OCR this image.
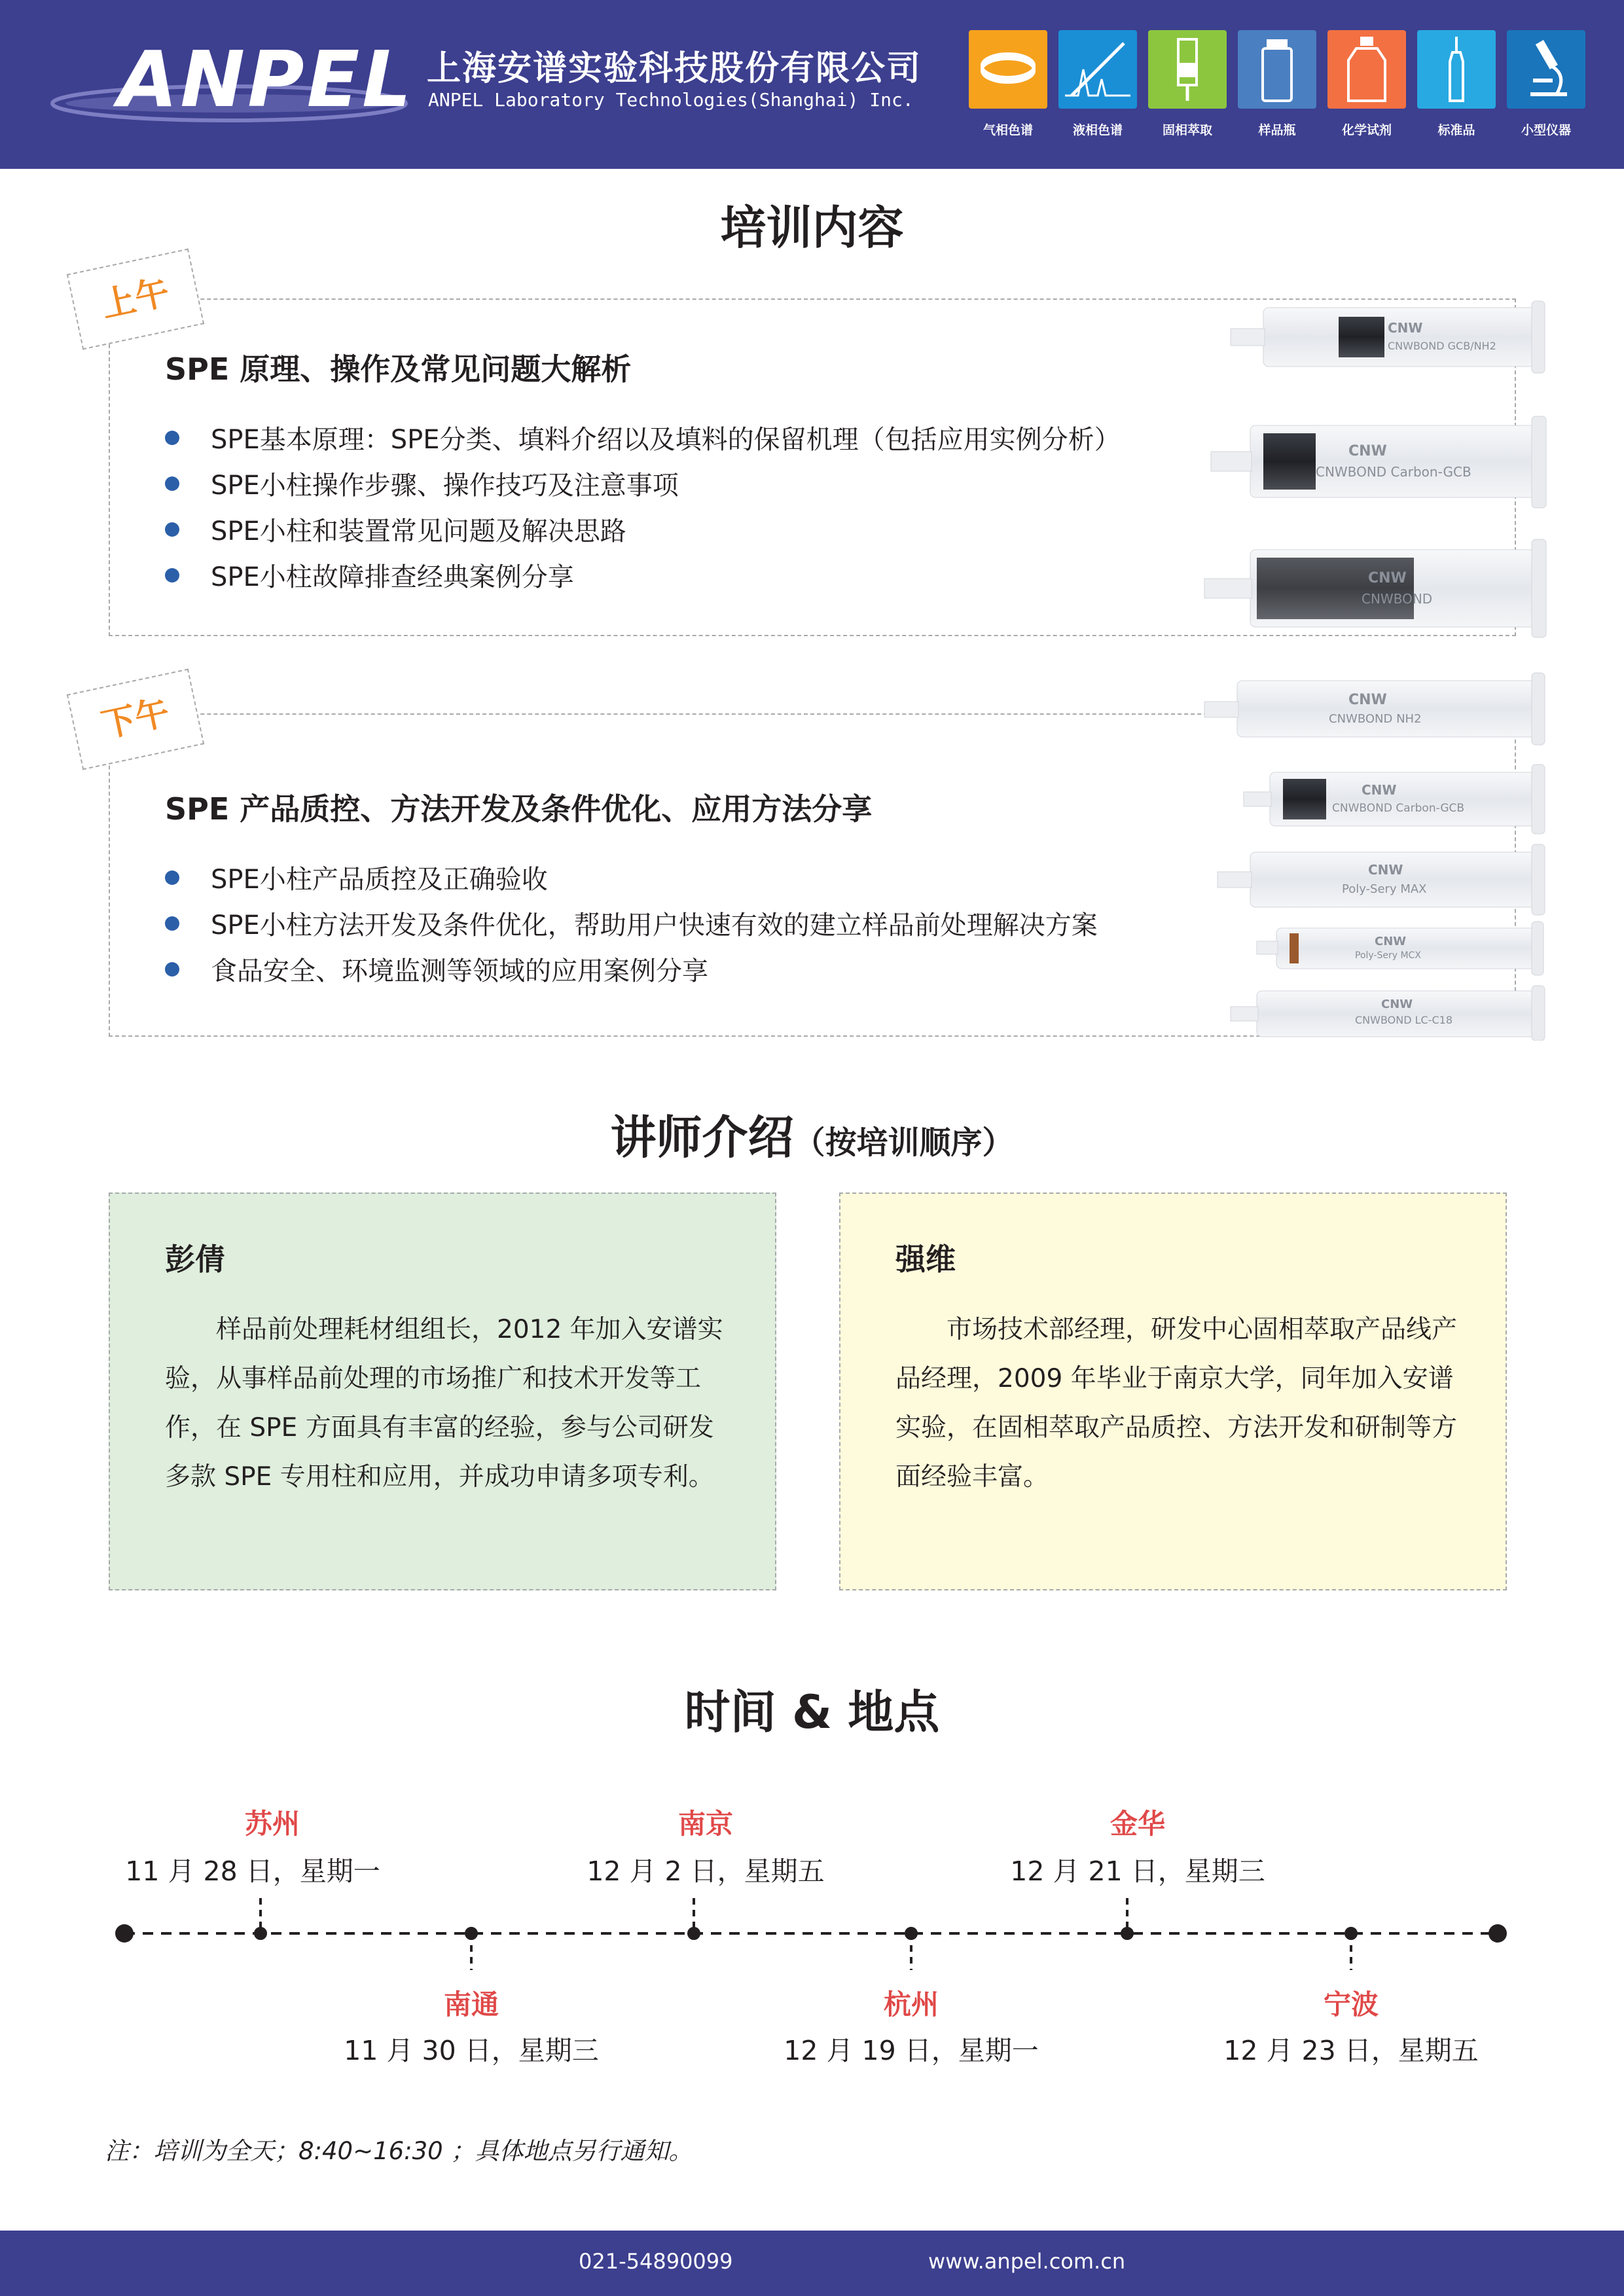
ANPEL 上海安谱实验科技股份有限公司
ANPEL Laboratory Technologies(Shanghai) Inc.
气相色谱	液相色谱	固相萃取	样品瓶	化学试剂	标准品	小型仪器
培训内容
上午
SPE 原理、操作及常见问题大解析
SPE基本原理：SPE分类、填料介绍以及填料的保留机理（包括应用实例分析）
SPE小柱操作步骤、操作技巧及注意事项
SPE小柱和装置常见问题及解决思路
SPE小柱故障排查经典案例分享
下午
SPE 产品质控、方法开发及条件优化、应用方法分享
SPE小柱产品质控及正确验收
SPE小柱方法开发及条件优化，帮助用户快速有效的建立样品前处理解决方案
食品安全、环境监测等领域的应用案例分享
CNW
CNWBOND GCB/NH2
CNW
CNWBOND Carbon-GCB
CNW
CNWBOND
CNW
CNWBOND NH2
CNW
CNWBOND Carbon-GCB
CNW
Poly-Sery MAX
CNW
Poly-Sery MCX
CNW
CNWBOND LC-C18
讲师介绍（按培训顺序）
彭倩
样品前处理耗材组组长，2012 年加入安谱实验，从事样品前处理的市场推广和技术开发等工作，在 SPE 方面具有丰富的经验，参与公司研发多款 SPE 专用柱和应用，并成功申请多项专利。
强维
市场技术部经理，研发中心固相萃取产品线产品经理，2009 年毕业于南京大学，同年加入安谱实验，在固相萃取产品质控、方法开发和研制等方面经验丰富。
时间 & 地点
苏州
11 月 28 日，星期一
南京
12 月 2 日，星期五
金华
12 月 21 日，星期三
南通
11 月 30 日，星期三
杭州
12 月 19 日，星期一
宁波
12 月 23 日，星期五
注：培训为全天；8:40~16:30 ；具体地点另行通知。
021-54890099	www.anpel.com.cn
